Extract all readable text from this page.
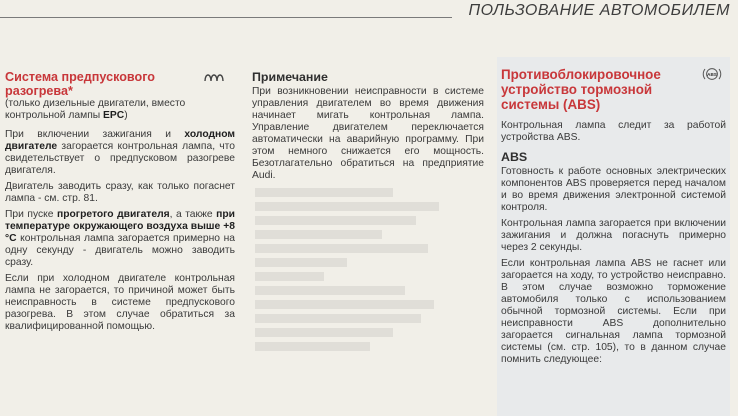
ПОЛЬЗОВАНИЕ АВТОМОБИЛЕМ
Система предпускового
разогрева*
(только дизельные двигатели, вместо контрольной лампы EPC)

При включении зажигания и холодном двигателе загорается контрольная лампа, что свидетельствует о предпусковом разогреве двигателя.

Двигатель заводить сразу, как только погаснет лампа - см. стр. 81.

При пуске прогретого двигателя, а также при температуре окружающего воздуха выше +8 °C контрольная лампа загорается примерно на одну секунду - двигатель можно заводить сразу.

Если при холодном двигателе контрольная лампа не загорается, то причиной может быть неисправность в системе предпускового разогрева. В этом случае обратиться за квалифицированной помощью.

Примечание

При возникновении неисправности в системе управления двигателем во время движения начинает мигать контрольная лампа. Управление двигателем переключается автоматически на аварийную программу. При этом немного снижается его мощность. Безотлагательно обратиться на предприятие Audi.

Противоблокировочное
устройство тормозной
системы (ABS)
ABS

Контрольная лампа следит за работой устройства ABS.

ABS

Готовность к работе основных электрических компонентов ABS проверяется перед началом и во время движения электронной системой контроля.

Контрольная лампа загорается при включении зажигания и должна погаснуть примерно через 2 секунды.

Если контрольная лампа ABS не гаснет или загорается на ходу, то устройство неисправно. В этом случае возможно торможение автомобиля только с использованием обычной тормозной системы. Если при неисправности ABS дополнительно загорается сигнальная лампа тормозной системы (см. стр. 105), то в данном случае помнить следующее:
